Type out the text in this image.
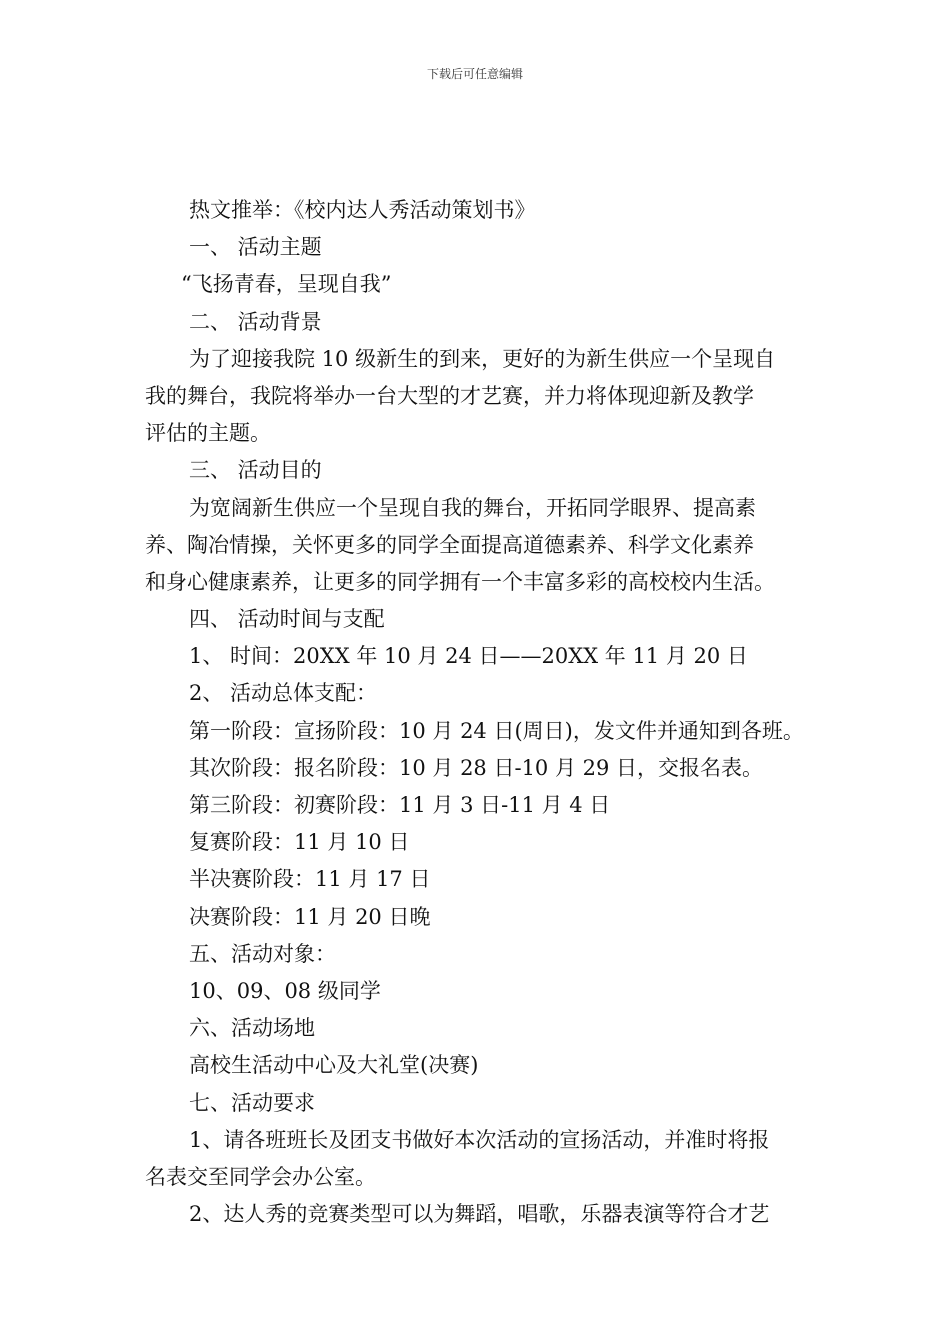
下载后可任意编辑
热文推举：《校内达人秀活动策划书》
一、 活动主题
“飞扬青春，呈现自我”
二、 活动背景
为了迎接我院 10 级新生的到来，更好的为新生供应一个呈现自
我的舞台，我院将举办一台大型的才艺赛，并力将体现迎新及教学
评估的主题。
三、 活动目的
为宽阔新生供应一个呈现自我的舞台，开拓同学眼界、提高素
养、陶冶情操，关怀更多的同学全面提高道德素养、科学文化素养
和身心健康素养，让更多的同学拥有一个丰富多彩的高校校内生活。
四、 活动时间与支配
1、 时间：20XX 年 10 月 24 日——20XX 年 11 月 20 日
2、 活动总体支配：
第一阶段：宣扬阶段：10 月 24 日(周日)，发文件并通知到各班。
其次阶段：报名阶段：10 月 28 日-10 月 29 日，交报名表。
第三阶段：初赛阶段：11 月 3 日-11 月 4 日
复赛阶段：11 月 10 日
半决赛阶段：11 月 17 日
决赛阶段：11 月 20 日晚
五、活动对象：
10、09、08 级同学
六、活动场地
高校生活动中心及大礼堂(决赛)
七、活动要求
1、请各班班长及团支书做好本次活动的宣扬活动，并准时将报
名表交至同学会办公室。
2、达人秀的竞赛类型可以为舞蹈，唱歌，乐器表演等符合才艺
